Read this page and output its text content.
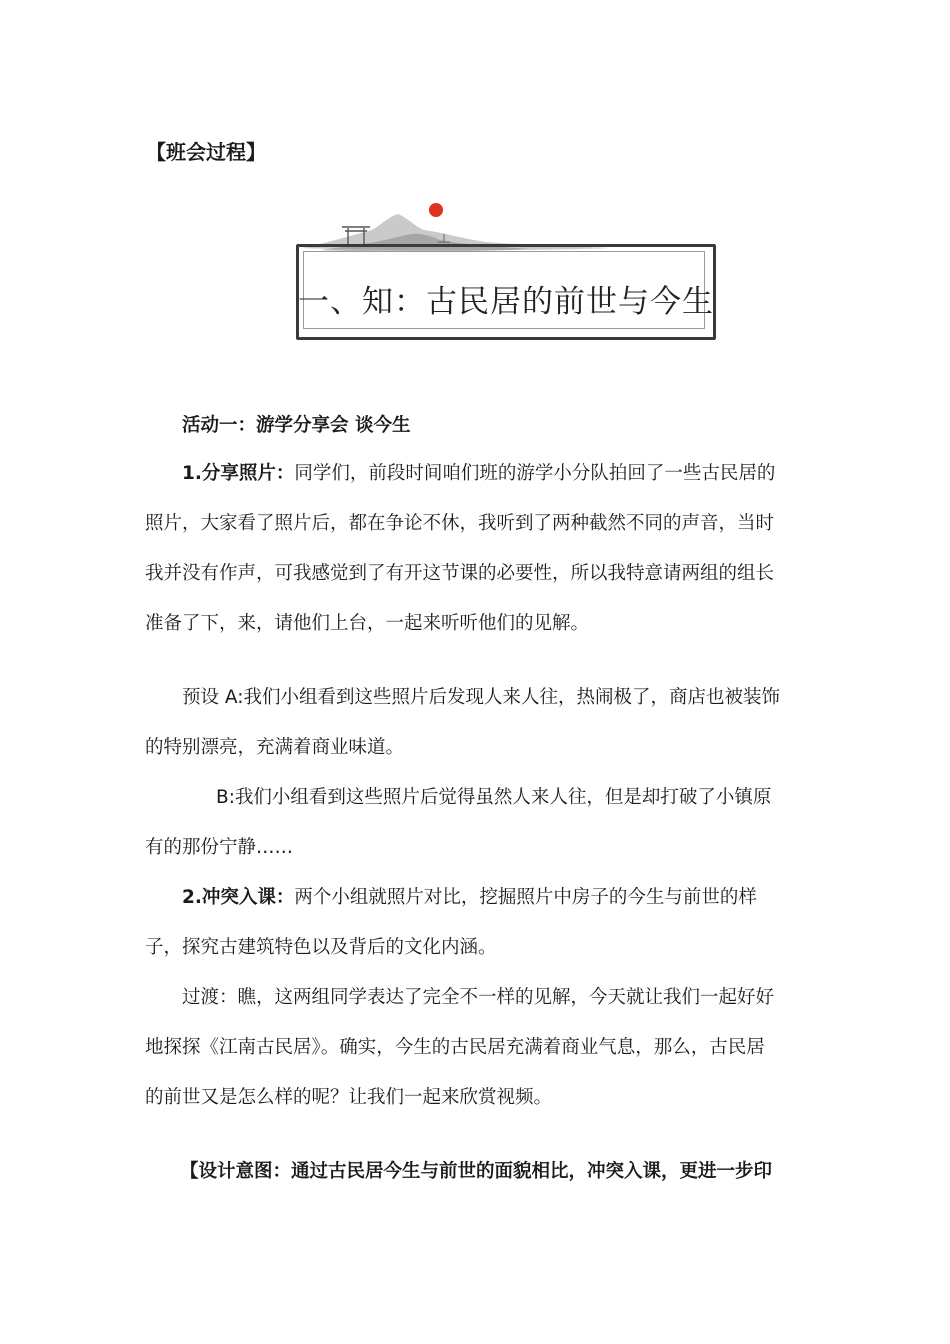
【班会过程】
一、知：古民居的前世与今生
活动一：游学分享会 谈今生
1.分享照片：同学们，前段时间咱们班的游学小分队拍回了一些古民居的
照片，大家看了照片后，都在争论不休，我听到了两种截然不同的声音，当时
我并没有作声，可我感觉到了有开这节课的必要性，所以我特意请两组的组长
准备了下，来，请他们上台，一起来听听他们的见解。
预设 A:我们小组看到这些照片后发现人来人往，热闹极了，商店也被装饰
的特别漂亮，充满着商业味道。
B:我们小组看到这些照片后觉得虽然人来人往，但是却打破了小镇原
有的那份宁静……
2.冲突入课：两个小组就照片对比，挖掘照片中房子的今生与前世的样
子，探究古建筑特色以及背后的文化内涵。
过渡：瞧，这两组同学表达了完全不一样的见解，今天就让我们一起好好
地探探《江南古民居》。确实，今生的古民居充满着商业气息，那么，古民居
的前世又是怎么样的呢？让我们一起来欣赏视频。
【设计意图：通过古民居今生与前世的面貌相比，冲突入课，更进一步印
